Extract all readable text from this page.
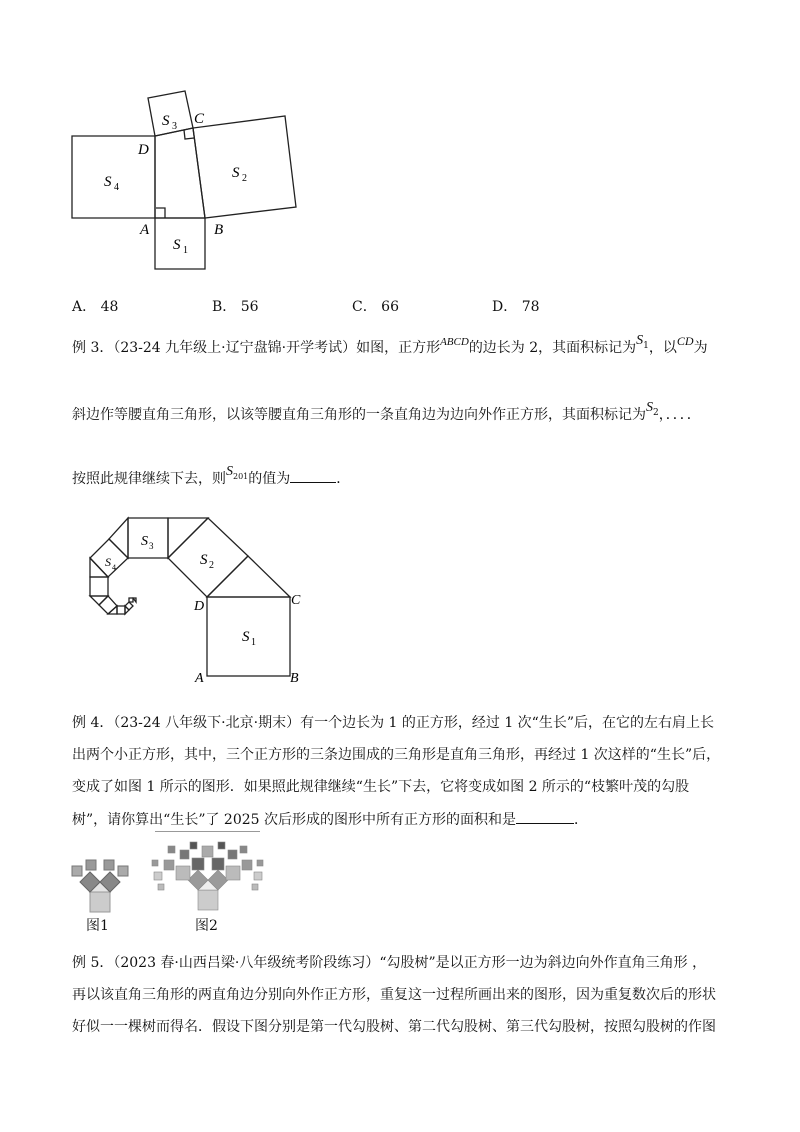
S 3
S 2
S 4
S 1
A	B
C
D
A． 48	B． 56	C． 66	D． 78
例 3．（23-24 九年级上·辽宁盘锦·开学考试）如图，正方形$^{ABCD}$的边长为 2，其面积标记为$S^1$，以CD为
斜边作等腰直角三角形，以该等腰直角三角形的一条直角边为边向外作正方形，其面积标记为$S^2$，．．．．
按照此规律继续下去，则$S^{201}$的值为	．
S 1
S 2
S 3
S 4
A	B
C
D
例 4．（23-24 八年级下·北京·期末）有一个边长为 1 的正方形，经过 1 次“生长”后，在它的左右肩上长
出两个小正方形，其中，三个正方形的三条边围成的三角形是直角三角形，再经过 1 次这样的“生长”后，
变成了如图 1 所示的图形．如果照此规律继续“生长”下去，它将变成如图 2 所示的“枝繁叶茂的勾股
树”，请你算出“生长”了 2025 次后形成的图形中所有正方形的面积和是	．
图1	图2
例 5．（2023 春·山西吕梁·八年级统考阶段练习）“勾股树”是以正方形一边为斜边向外作直角三角形 ，
再以该直角三角形的两直角边分别向外作正方形，重复这一过程所画出来的图形，因为重复数次后的形状
好似一一棵树而得名．假设下图分别是第一代勾股树、第二代勾股树、第三代勾股树，按照勾股树的作图
